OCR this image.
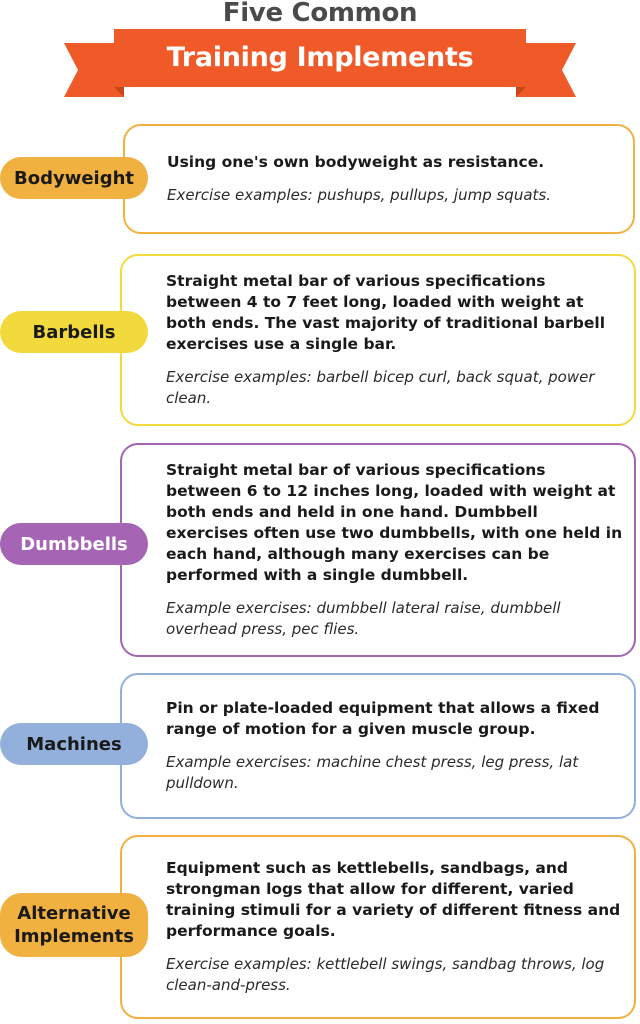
Five Common
Training Implements
Using one's own bodyweight as resistance.
Exercise examples: pushups, pullups, jump squats.
Bodyweight
Straight metal bar of various specifications between 4 to 7 feet long, loaded with weight at both ends. The vast majority of traditional barbell exercises use a single bar.
Exercise examples: barbell bicep curl, back squat, power clean.
Barbells
Straight metal bar of various specifications between 6 to 12 inches long, loaded with weight at both ends and held in one hand. Dumbbell exercises often use two dumbbells, with one held in each hand, although many exercises can be performed with a single dumbbell.
Example exercises: dumbbell lateral raise, dumbbell overhead press, pec flies.
Dumbbells
Pin or plate-loaded equipment that allows a fixed range of motion for a given muscle group.
Example exercises: machine chest press, leg press, lat pulldown.
Machines
Equipment such as kettlebells, sandbags, and strongman logs that allow for different, varied training stimuli for a variety of different fitness and performance goals.
Exercise examples: kettlebell swings, sandbag throws, log clean-and-press.
Alternative Implements
